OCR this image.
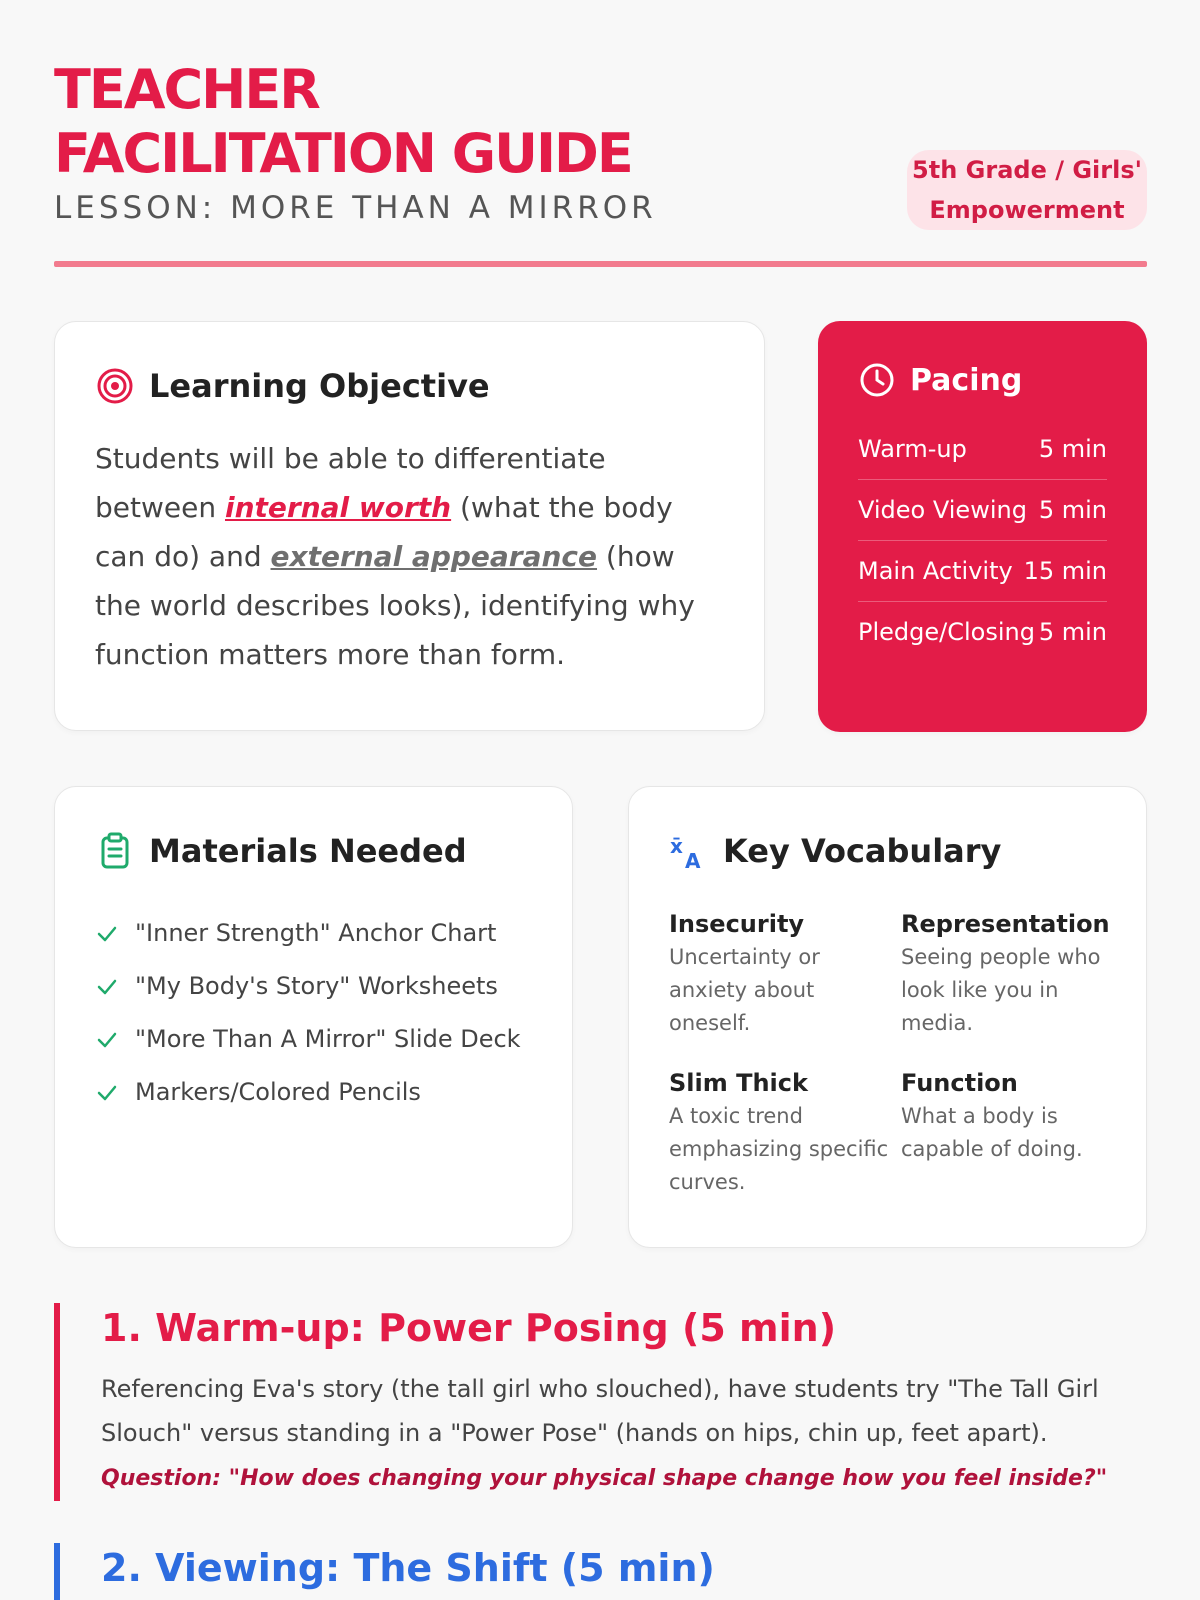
TEACHER
FACILITATION GUIDE
LESSON: MORE THAN A MIRROR
5th Grade / Girls' Empowerment
Learning Objective

Students will be able to differentiate between internal worth (what the body can do) and external appearance (how the world describes looks), identifying why function matters more than form.

Pacing
Warm-up	5 min
Video Viewing 5 min
Main Activity 15 min
Pledge/Closing 5 min
Materials Needed
"Inner Strength" Anchor Chart
"My Body's Story" Worksheets
"More Than A Mirror" Slide Deck
Markers/Colored Pencils
x̄
A Key Vocabulary
Insecurity
Uncertainty or anxiety about oneself.
Representation
Seeing people who look like you in media.
Slim Thick
A toxic trend emphasizing specific curves.
Function
What a body is capable of doing.
1. Warm-up: Power Posing (5 min)

Referencing Eva's story (the tall girl who slouched), have students try "The Tall Girl Slouch" versus standing in a "Power Pose" (hands on hips, chin up, feet apart).

Question: "How does changing your physical shape change how you feel inside?"
2. Viewing: The Shift (5 min)
